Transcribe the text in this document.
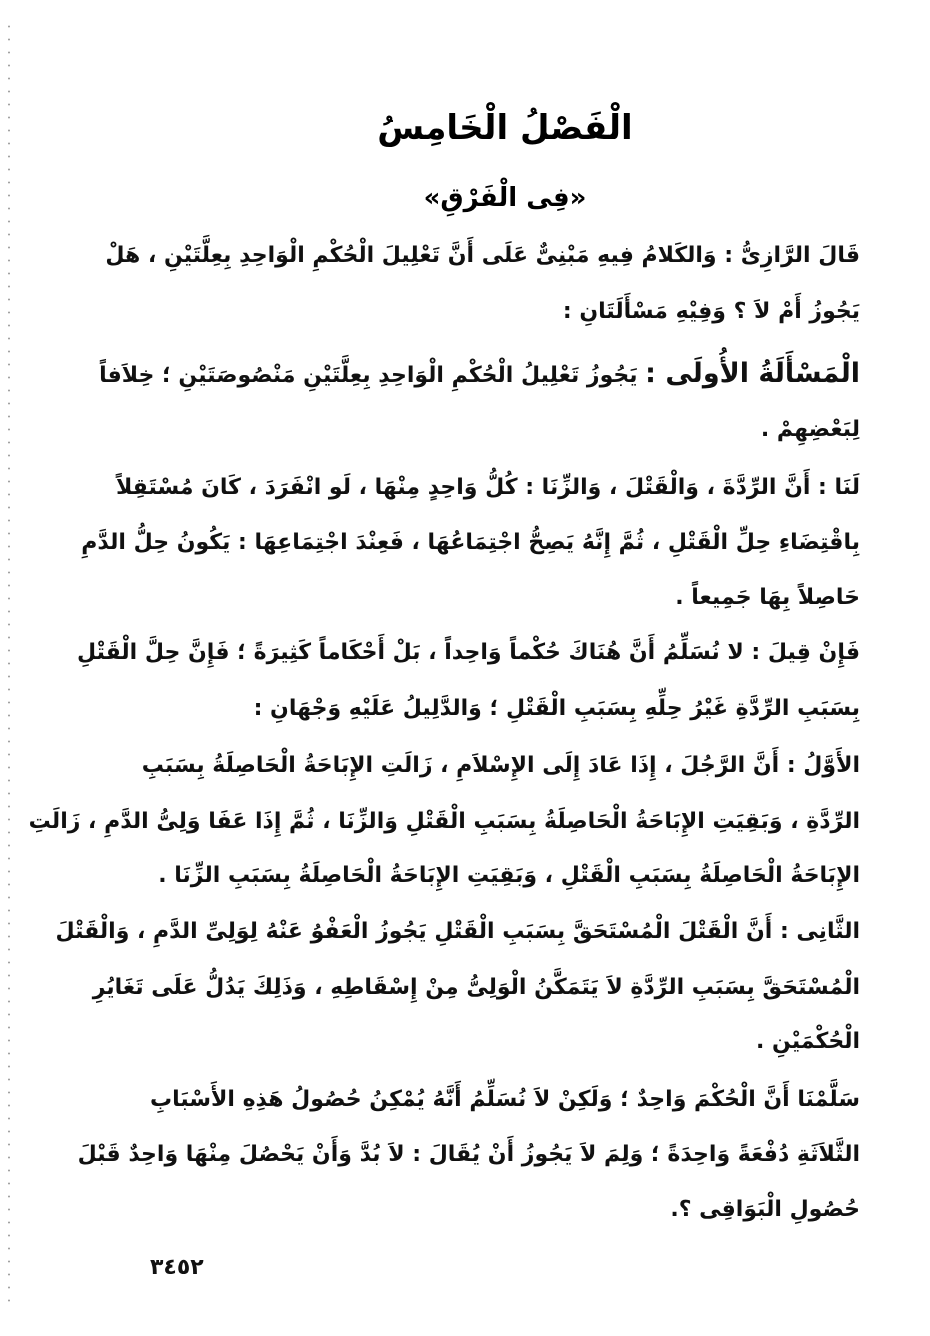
الْفَصْلُ الْخَامِسُ
«فِى الْفَرْقِ»
قَالَ الرَّازِىُّ : وَالكَلامُ فِيهِ مَبْنِىٌّ عَلَى أَنَّ تَعْلِيلَ الْحُكْمِ الْوَاحِدِ بِعِلَّتَيْنِ ، هَلْ
يَجُوزُ أَمْ لاَ ؟ وَفِيْهِ مَسْأَلَتَانِ :
الْمَسْأَلَةُ الأُولَى : يَجُوزُ تَعْلِيلُ الْحُكْمِ الْوَاحِدِ بِعِلَّتَيْنِ مَنْصُوصَتَيْنِ ؛ خِلاَفاً
لِبَعْضِهِمْ .
لَنَا : أَنَّ الرِّدَّةَ ، وَالْقَتْلَ ، وَالزِّنَا : كُلُّ وَاحِدٍ مِنْهَا ، لَو انْفَرَدَ ، كَانَ مُسْتَقِلاً
بِاقْتِضَاءِ حِلِّ الْقَتْلِ ، ثُمَّ إِنَّهُ يَصِحُّ اجْتِمَاعُهَا ، فَعِنْدَ اجْتِمَاعِهَا : يَكُونُ حِلُّ الدَّمِ
حَاصِلاً بِهَا جَمِيعاً .
فَإِنْ قِيلَ : لا نُسَلِّمُ أَنَّ هُنَاكَ حُكْماً وَاحِداً ، بَلْ أَحْكَاماً كَثِيرَةً ؛ فَإِنَّ حِلَّ الْقَتْلِ
بِسَبَبِ الرِّدَّةِ غَيْرُ حِلِّهِ بِسَبَبِ الْقَتْلِ ؛ وَالدَّلِيلُ عَلَيْهِ وَجْهَانِ :
الأَوَّلُ : أَنَّ الرَّجُلَ ، إِذَا عَادَ إِلَى الإِسْلاَمِ ، زَالَتِ الإِبَاحَةُ الْحَاصِلَةُ بِسَبَبِ
الرِّدَّةِ ، وَبَقِيَتِ الإِبَاحَةُ الْحَاصِلَةُ بِسَبَبِ الْقَتْلِ وَالزِّنَا ، ثُمَّ إِذَا عَفَا وَلِىُّ الدَّمِ ، زَالَتِ
الإِبَاحَةُ الْحَاصِلَةُ بِسَبَبِ الْقَتْلِ ، وَبَقِيَتِ الإِبَاحَةُ الْحَاصِلَةُ بِسَبَبِ الزِّنَا .
الثَّانِى : أَنَّ الْقَتْلَ الْمُسْتَحَقَّ بِسَبَبِ الْقَتْلِ يَجُوزُ الْعَفْوُ عَنْهُ لِوَلِىِّ الدَّمِ ، وَالْقَتْلَ
الْمُسْتَحَقَّ بِسَبَبِ الرِّدَّةِ لاَ يَتَمَكَّنُ الْوَلِىُّ مِنْ إِسْقَاطِهِ ، وَذَلِكَ يَدُلُّ عَلَى تَغَايُرِ
الْحُكْمَيْنِ .
سَلَّمْنَا أَنَّ الْحُكْمَ وَاحِدٌ ؛ وَلَكِنْ لاَ نُسَلِّمُ أَنَّهُ يُمْكِنُ حُصُولُ هَذِهِ الأَسْبَابِ
الثَّلاَثَةِ دُفْعَةً وَاحِدَةً ؛ وَلِمَ لاَ يَجُوزُ أَنْ يُقَالَ : لاَ بُدَّ وَأَنْ يَحْصُلَ مِنْهَا وَاحِدٌ قَبْلَ
حُصُولِ الْبَوَاقِى ؟.
٣٤٥٢
